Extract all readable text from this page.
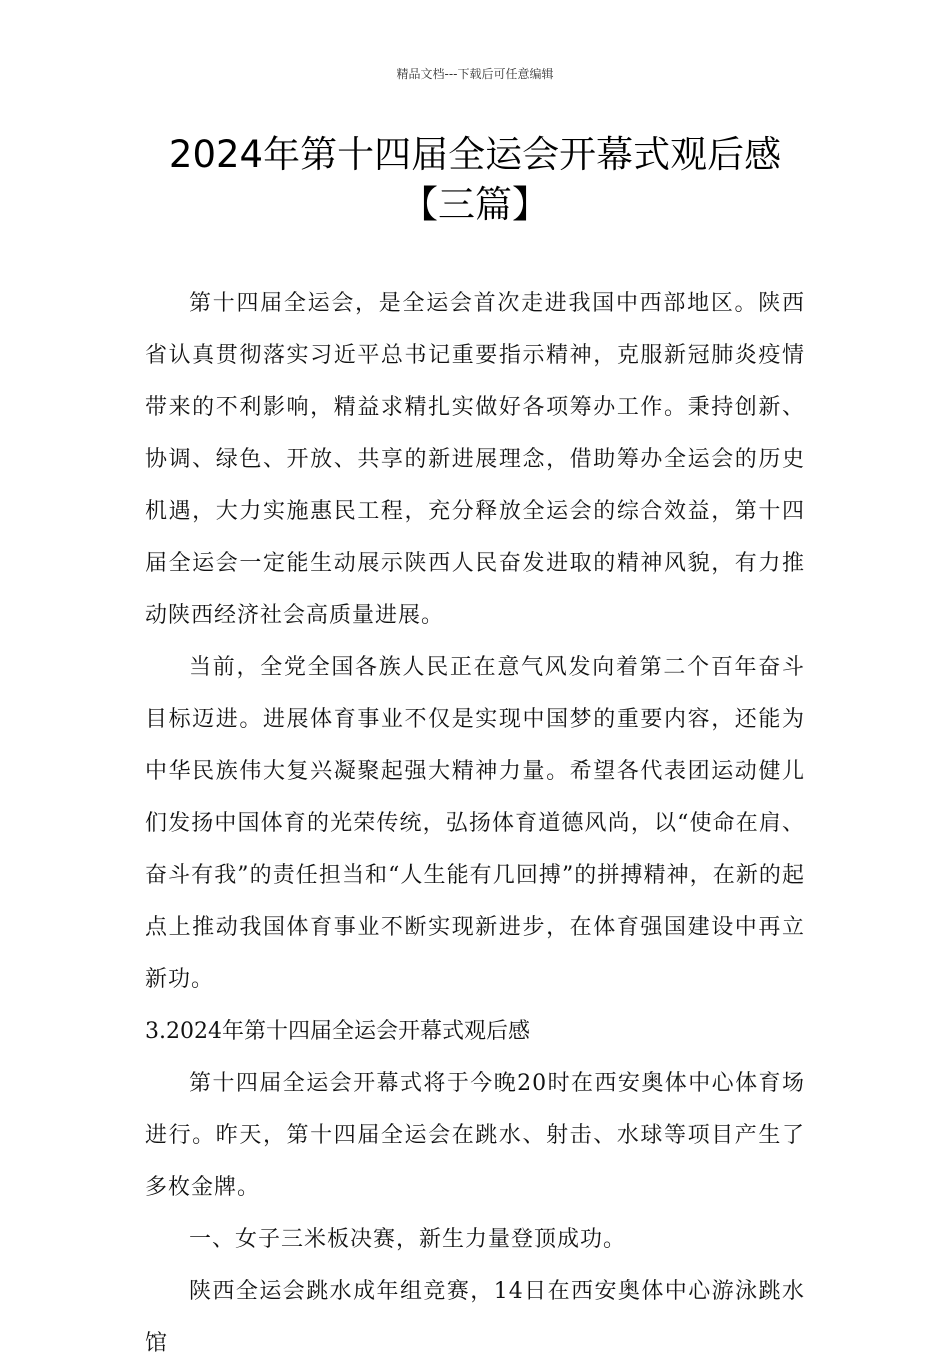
精品文档---下载后可任意编辑
2024年第十四届全运会开幕式观后感
【三篇】

第十四届全运会，是全运会首次走进我国中西部地区。陕西省认真贯彻落实习近平总书记重要指示精神，克服新冠肺炎疫情带来的不利影响，精益求精扎实做好各项筹办工作。秉持创新、协调、绿色、开放、共享的新进展理念，借助筹办全运会的历史机遇，大力实施惠民工程，充分释放全运会的综合效益，第十四届全运会一定能生动展示陕西人民奋发进取的精神风貌，有力推动陕西经济社会高质量进展。

当前，全党全国各族人民正在意气风发向着第二个百年奋斗目标迈进。进展体育事业不仅是实现中国梦的重要内容，还能为中华民族伟大复兴凝聚起强大精神力量。希望各代表团运动健儿们发扬中国体育的光荣传统，弘扬体育道德风尚，以“使命在肩、奋斗有我”的责任担当和“人生能有几回搏”的拼搏精神，在新的起点上推动我国体育事业不断实现新进步，在体育强国建设中再立新功。

3.2024年第十四届全运会开幕式观后感

第十四届全运会开幕式将于今晚20时在西安奥体中心体育场进行。昨天，第十四届全运会在跳水、射击、水球等项目产生了多枚金牌。

一、女子三米板决赛，新生力量登顶成功。

陕西全运会跳水成年组竞赛，14日在西安奥体中心游泳跳水馆
